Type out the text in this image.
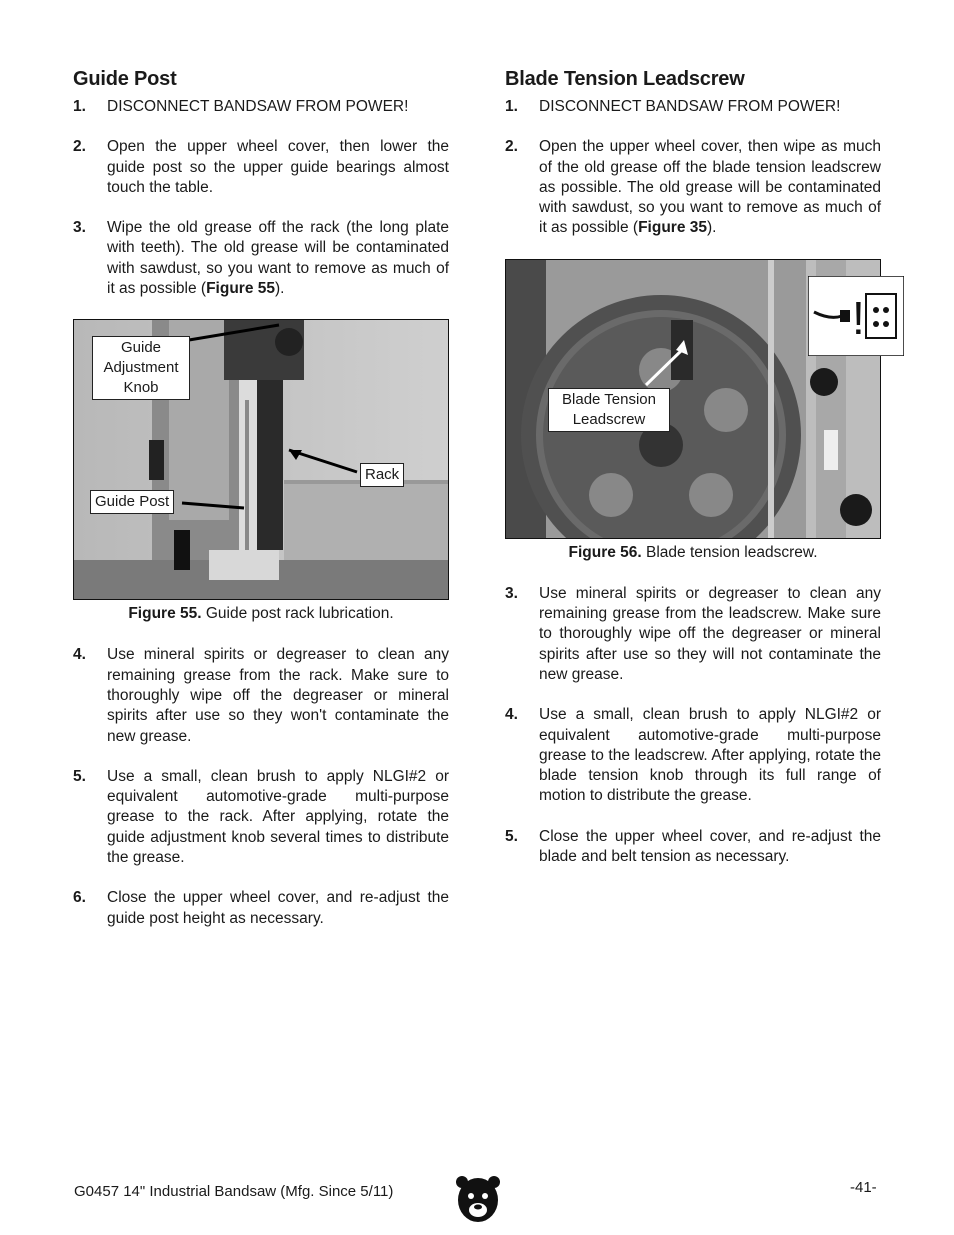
Guide Post
1.	DISCONNECT BANDSAW FROM POWER!
2.	Open the upper wheel cover, then lower the guide post so the upper guide bearings almost touch the table.
3.	Wipe the old grease off the rack (the long plate with teeth). The old grease will be contaminated with sawdust, so you want to remove as much of it as possible (Figure 55).
Guide Adjustment Knob
Rack
Guide Post
Figure 55. Guide post rack lubrication.
4.	Use mineral spirits or degreaser to clean any remaining grease from the rack. Make sure to thoroughly wipe off the degreaser or mineral spirits after use so they won't contaminate the new grease.
5.	Use a small, clean brush to apply NLGI#2 or equivalent automotive-grade multi-purpose grease to the rack. After applying, rotate the guide adjustment knob several times to distribute the grease.
6.	Close the upper wheel cover, and re-adjust the guide post height as necessary.
Blade Tension Leadscrew
1.	DISCONNECT BANDSAW FROM POWER!
2.	Open the upper wheel cover, then wipe as much of the old grease off the blade tension leadscrew as possible. The old grease will be contaminated with sawdust, so you want to remove as much of it as possible (Figure 35).
Blade Tension Leadscrew
Figure 56. Blade tension leadscrew.
3.	Use mineral spirits or degreaser to clean any remaining grease from the leadscrew. Make sure to thoroughly wipe off the degreaser or mineral spirits after use so they will not contaminate the new grease.
4.	Use a small, clean brush to apply NLGI#2 or equivalent automotive-grade multi-purpose grease to the leadscrew. After applying, rotate the blade tension knob through its full range of motion to distribute the grease.
5.	Close the upper wheel cover, and re-adjust the blade and belt tension as necessary.
!
G0457 14" Industrial Bandsaw (Mfg. Since 5/11)	-41-
